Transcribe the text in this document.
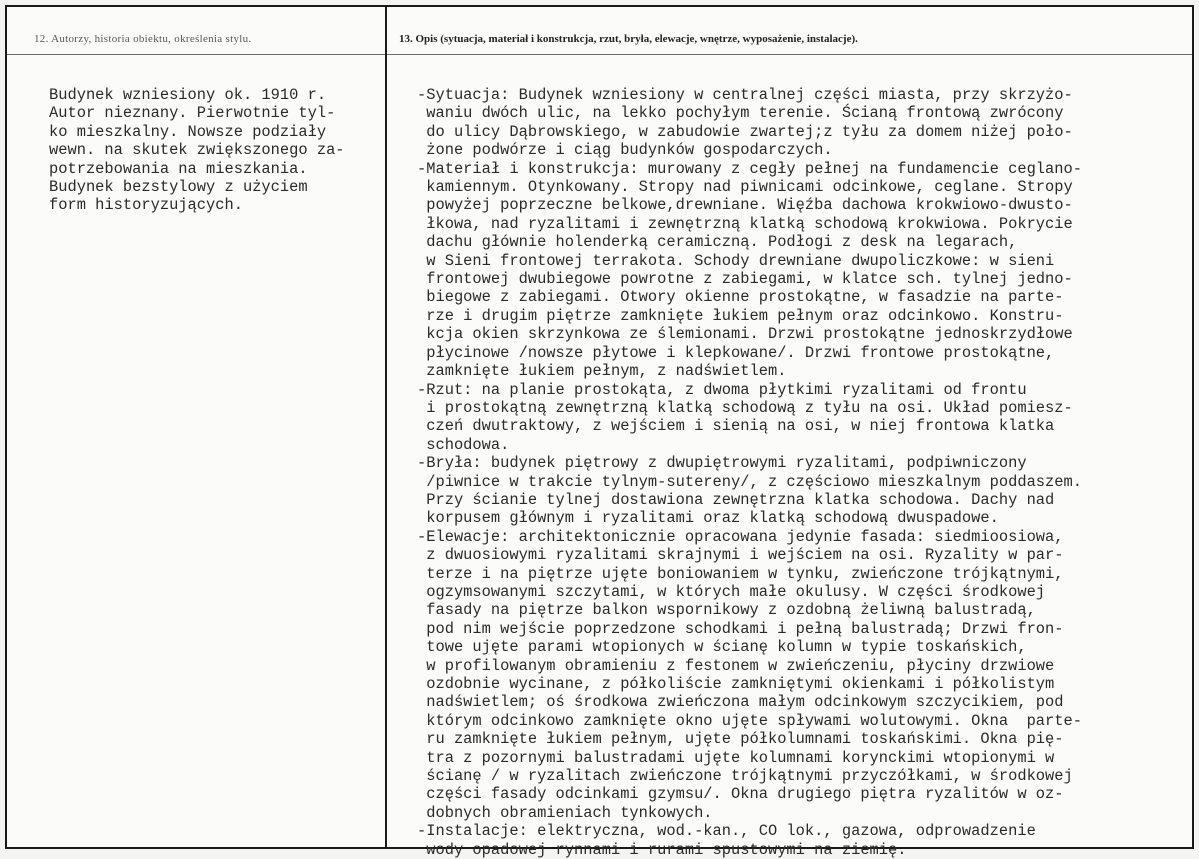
12. Autorzy, historia obiektu, określenia stylu.
Budynek wzniesiony ok. 1910 r.
Autor nieznany. Pierwotnie tyl-
ko mieszkalny. Nowsze podziały
wewn. na skutek zwiększonego za-
potrzebowania na mieszkania.
Budynek bezstylowy z użyciem
form historyzujących.
13. Opis (sytuacja, materiał i konstrukcja, rzut, bryła, elewacje, wnętrze, wyposażenie, instalacje).
-Sytuacja: Budynek wzniesiony w centralnej części miasta, przy skrzyżo-
waniu dwóch ulic, na lekko pochyłym terenie. Ścianą frontową zwrócony
do ulicy Dąbrowskiego, w zabudowie zwartej;z tyłu za domem niżej poło-
żone podwórze i ciąg budynków gospodarczych.
-Materiał i konstrukcja: murowany z cegły pełnej na fundamencie ceglano-
kamiennym. Otynkowany. Stropy nad piwnicami odcinkowe, ceglane. Stropy
powyżej poprzeczne belkowe,drewniane. Więźba dachowa krokwiowo-dwusto-
łkowa, nad ryzalitami i zewnętrzną klatką schodową krokwiowa. Pokrycie
dachu głównie holenderką ceramiczną. Podłogi z desk na legarach,
w Sieni frontowej terrakota. Schody drewniane dwupoliczkowe: w sieni
frontowej dwubiegowe powrotne z zabiegami, w klatce sch. tylnej jedno-
biegowe z zabiegami. Otwory okienne prostokątne, w fasadzie na parte-
rze i drugim piętrze zamknięte łukiem pełnym oraz odcinkowo. Konstru-
kcja okien skrzynkowa ze ślemionami. Drzwi prostokątne jednoskrzydłowe
płycinowe /nowsze płytowe i klepkowane/. Drzwi frontowe prostokątne,
zamknięte łukiem pełnym, z nadświetlem.
-Rzut: na planie prostokąta, z dwoma płytkimi ryzalitami od frontu
i prostokątną zewnętrzną klatką schodową z tyłu na osi. Układ pomiesz-
czeń dwutraktowy, z wejściem i sienią na osi, w niej frontowa klatka
schodowa.
-Bryła: budynek piętrowy z dwupiętrowymi ryzalitami, podpiwniczony
/piwnice w trakcie tylnym-sutereny/, z częściowo mieszkalnym poddaszem.
Przy ścianie tylnej dostawiona zewnętrzna klatka schodowa. Dachy nad
korpusem głównym i ryzalitami oraz klatką schodową dwuspadowe.
-Elewacje: architektonicznie opracowana jedynie fasada: siedmioosiowa,
z dwuosiowymi ryzalitami skrajnymi i wejściem na osi. Ryzality w par-
terze i na piętrze ujęte boniowaniem w tynku, zwieńczone trójkątnymi,
ogzymsowanymi szczytami, w których małe okulusy. W części środkowej
fasady na piętrze balkon wspornikowy z ozdobną żeliwną balustradą,
pod nim wejście poprzedzone schodkami i pełną balustradą; Drzwi fron-
towe ujęte parami wtopionych w ścianę kolumn w typie toskańskich,
w profilowanym obramieniu z festonem w zwieńczeniu, płyciny drzwiowe
ozdobnie wycinane, z półkoliście zamkniętymi okienkami i półkolistym
nadświetlem; oś środkowa zwieńczona małym odcinkowym szczycikiem, pod
którym odcinkowo zamknięte okno ujęte spływami wolutowymi. Okna  parte-
ru zamknięte łukiem pełnym, ujęte półkolumnami toskańskimi. Okna pię-
tra z pozornymi balustradami ujęte kolumnami korynckimi wtopionymi w
ścianę / w ryzalitach zwieńczone trójkątnymi przyczółkami, w środkowej
części fasady odcinkami gzymsu/. Okna drugiego piętra ryzalitów w oz-
dobnych obramieniach tynkowych.
-Instalacje: elektryczna, wod.-kan., CO lok., gazowa, odprowadzenie
wody opadowej rynnami i rurami spustowymi na ziemię.
